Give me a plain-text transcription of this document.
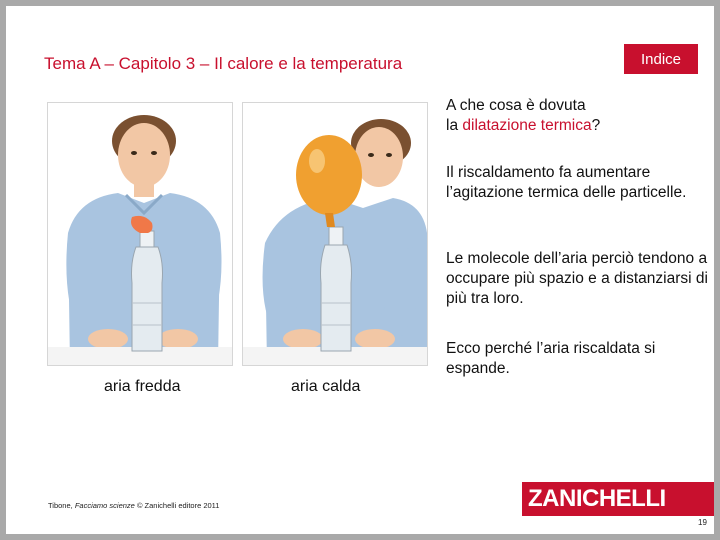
Tema A – Capitolo 3 – Il calore e la temperatura	Indice
aria fredda	aria calda
A che cosa è dovuta
la dilatazione termica?
Il riscaldamento fa aumentare l’agitazione termica delle particelle.
Le molecole dell’aria perciò tendono a occupare più spazio e a distanziarsi di più tra loro.
Ecco perché l’aria riscaldata si espande.
Tibone, Facciamo scienze © Zanichelli editore 2011	ZANICHELLI
19
